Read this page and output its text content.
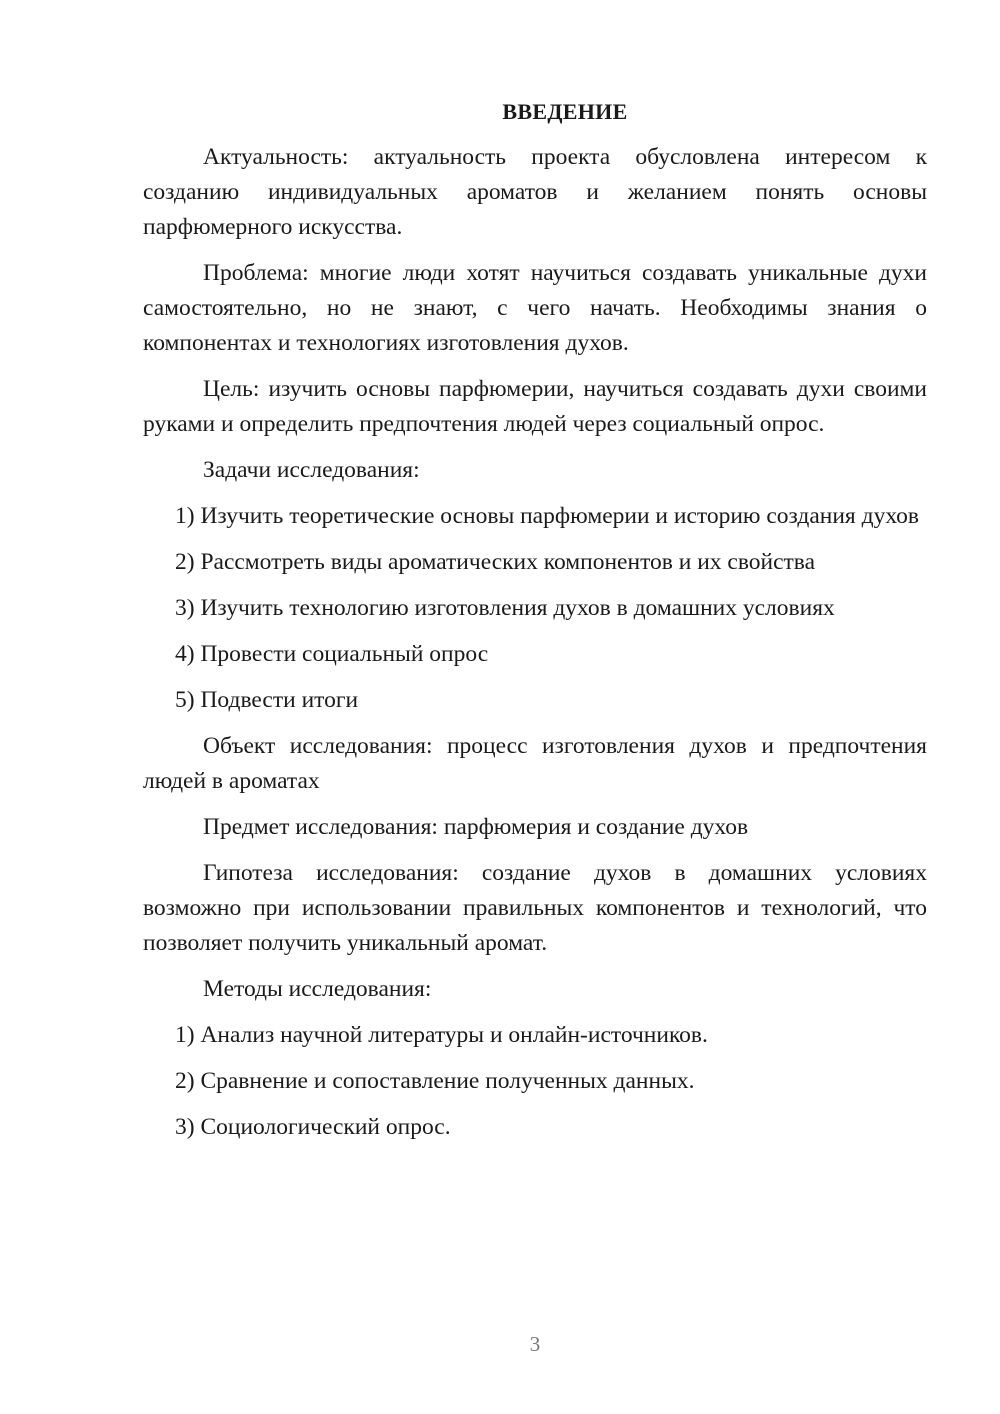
ВВЕДЕНИЕ

Актуальность: актуальность проекта обусловлена интересом к созданию индивидуальных ароматов и желанием понять основы парфюмерного искусства.

Проблема: многие люди хотят научиться создавать уникальные духи самостоятельно, но не знают, с чего начать. Необходимы знания о компонентах и технологиях изготовления духов.

Цель: изучить основы парфюмерии, научиться создавать духи своими руками и определить предпочтения людей через социальный опрос.

Задачи исследования:

1) Изучить теоретические основы парфюмерии и историю создания духов

2) Рассмотреть виды ароматических компонентов и их свойства

3) Изучить технологию изготовления духов в домашних условиях

4) Провести социальный опрос

5) Подвести итоги

Объект исследования: процесс изготовления духов и предпочтения людей в ароматах

Предмет исследования: парфюмерия и создание духов

Гипотеза исследования: создание духов в домашних условиях возможно при использовании правильных компонентов и технологий, что позволяет получить уникальный аромат.

Методы исследования:

1) Анализ научной литературы и онлайн-источников.

2) Сравнение и сопоставление полученных данных.

3) Социологический опрос.

3
